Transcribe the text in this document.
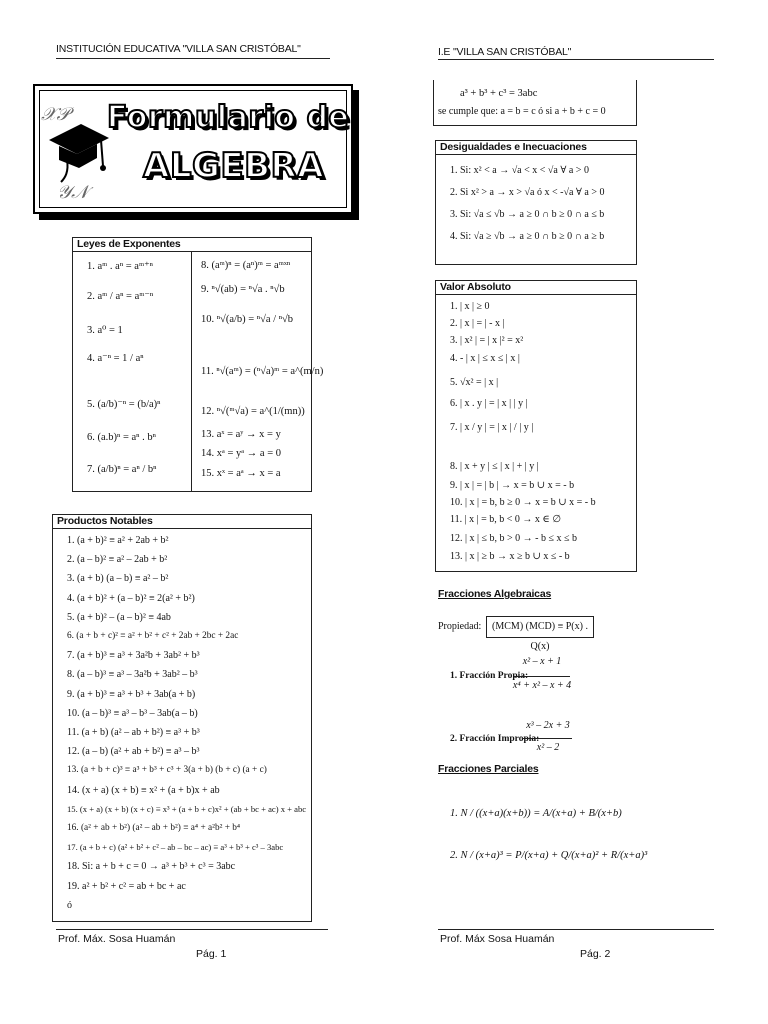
INSTITUCIÓN EDUCATIVA "VILLA SAN CRISTÓBAL"	I.E "VILLA SAN CRISTÓBAL"
𝒳𝒫
𝒴𝒩
Formulario de
ALGEBRA
Leyes de Exponentes
1. aᵐ . aⁿ = aᵐ⁺ⁿ
2. aᵐ / aⁿ = aᵐ⁻ⁿ
3. a⁰ = 1
4. a⁻ⁿ = 1 / aⁿ
5. (a/b)⁻ⁿ = (b/a)ⁿ
6. (a.b)ⁿ = aⁿ . bⁿ
7. (a/b)ⁿ = aⁿ / bⁿ
8. (aᵐ)ⁿ = (aⁿ)ᵐ = aᵐˣⁿ
9. ⁿ√(ab) = ⁿ√a . ⁿ√b
10. ⁿ√(a/b) = ⁿ√a / ⁿ√b
11. ⁿ√(aᵐ) = (ⁿ√a)ᵐ = a^(m/n)
12. ⁿ√(ᵐ√a) = a^(1/(mn))
13. aˣ = aʸ → x = y
14. xᵃ = yᵃ → a = 0
15. xˣ = aᵃ → x = a
Productos Notables
1. (a + b)² ≡ a² + 2ab + b²
2. (a – b)² ≡ a² – 2ab + b²
3. (a + b) (a – b) ≡ a² – b²
4. (a + b)² + (a – b)² ≡ 2(a² + b²)
5. (a + b)² – (a – b)² ≡ 4ab
6. (a + b + c)² ≡ a² + b² + c² + 2ab + 2bc + 2ac
7. (a + b)³ ≡ a³ + 3a²b + 3ab² + b³
8. (a – b)³ ≡ a³ – 3a²b + 3ab² – b³
9. (a + b)³ ≡ a³ + b³ + 3ab(a + b)
10. (a – b)³ ≡ a³ – b³ – 3ab(a – b)
11. (a + b) (a² – ab + b²) ≡ a³ + b³
12. (a – b) (a² + ab + b²) ≡ a³ – b³
13. (a + b + c)³ ≡ a³ + b³ + c³ + 3(a + b) (b + c) (a + c)
14. (x + a) (x + b) ≡ x² + (a + b)x + ab
15. (x + a) (x + b) (x + c) ≡ x³ + (a + b + c)x² + (ab + bc + ac) x + abc
16. (a² + ab + b²) (a² – ab + b²) ≡ a⁴ + a²b² + b⁴
17. (a + b + c) (a² + b² + c² – ab – bc – ac) ≡ a³ + b³ + c³ – 3abc
18. Si: a + b + c = 0 → a³ + b³ + c³ = 3abc
19. a² + b² + c² = ab + bc + ac
ó
a³ + b³ + c³ = 3abc
se cumple que: a = b = c ó si a + b + c = 0
Desigualdades e Inecuaciones
1. Si: x² < a → √a < x < √a ∀ a > 0
2. Si x² > a → x > √a ó x < -√a ∀ a > 0
3. Si: √a ≤ √b → a ≥ 0 ∩ b ≥ 0 ∩ a ≤ b
4. Si: √a ≥ √b → a ≥ 0 ∩ b ≥ 0 ∩ a ≥ b
Valor Absoluto
1. | x | ≥ 0
2. | x | = | - x |
3. | x² | = | x |² = x²
4. - | x | ≤ x ≤ | x |
5. √x² = | x |
6. | x . y | = | x | | y |
7. | x / y | = | x | / | y |
8. | x + y | ≤ | x | + | y |
9. | x | = | b | → x = b ∪ x = - b
10. | x | = b, b ≥ 0 → x = b ∪ x = - b
11. | x | = b, b < 0 → x ∈ ∅
12. | x | ≤ b, b > 0 → - b ≤ x ≤ b
13. | x | ≥ b → x ≥ b ∪ x ≤ - b
Fracciones Algebraicas
Propiedad:	(MCM) (MCD) ≡ P(x) . Q(x)
1. Fracción Propia:
x² – x + 1
x⁴ + x² – x + 4
2. Fracción Impropia:
x³ – 2x + 3
x² – 2
Fracciones Parciales
1. N / ((x+a)(x+b)) = A/(x+a) + B/(x+b)
2. N / (x+a)³ = P/(x+a) + Q/(x+a)² + R/(x+a)³
Prof. Máx. Sosa Huamán
Pág. 1
Prof. Máx Sosa Huamán
Pág. 2
